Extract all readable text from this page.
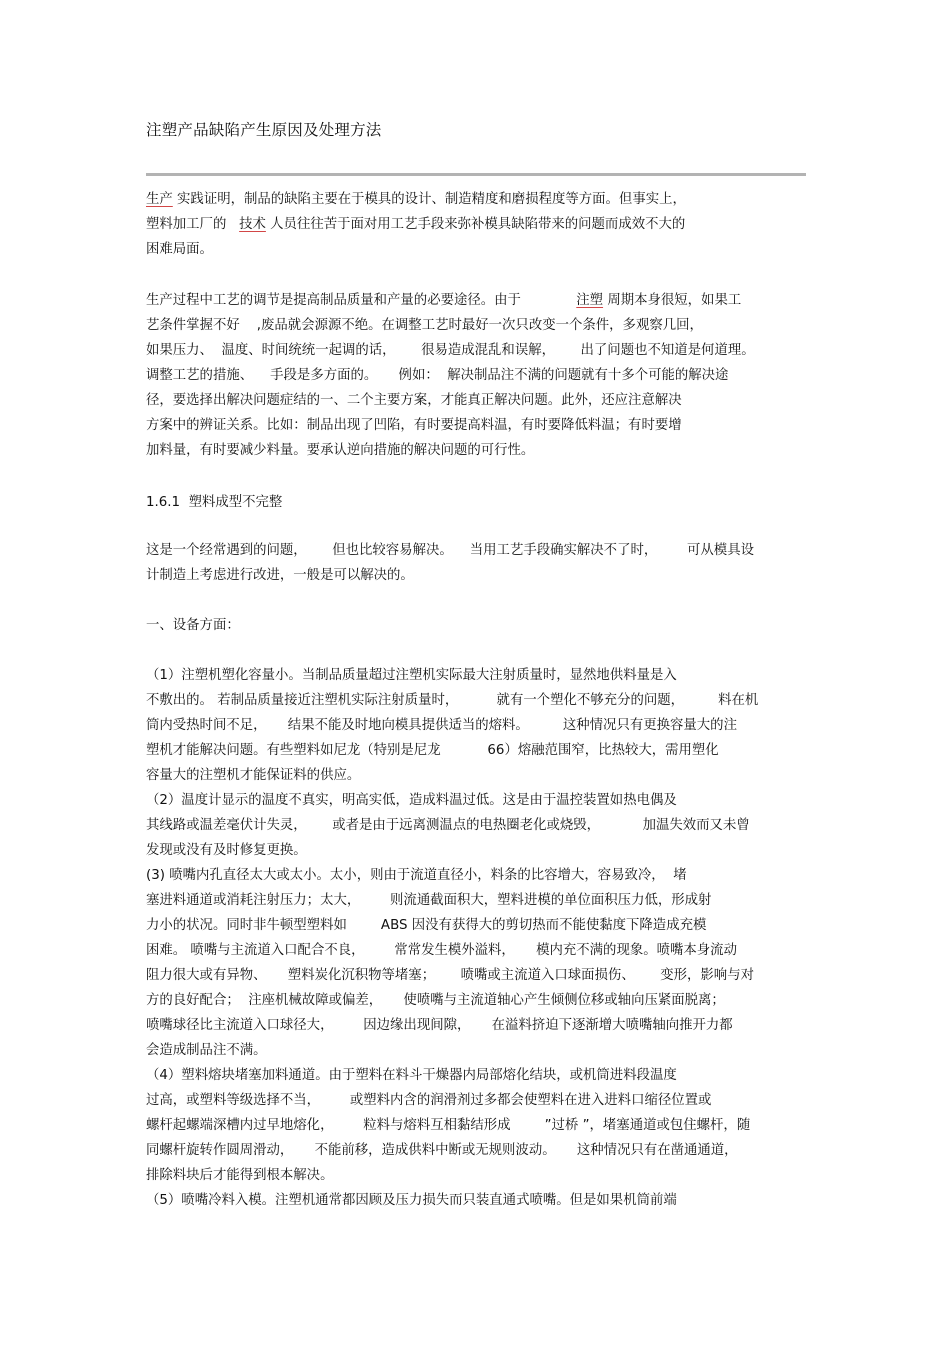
注塑产品缺陷产生原因及处理方法
生产 实践证明，制品的缺陷主要在于模具的设计、制造精度和磨损程度等方面。但事实上，
塑料加工厂的   技术 人员往往苦于面对用工艺手段来弥补模具缺陷带来的问题而成效不大的
困难局面。
生产过程中工艺的调节是提高制品质量和产量的必要途径。由于             注塑 周期本身很短，如果工
艺条件掌握不好    ,废品就会源源不绝。在调整工艺时最好一次只改变一个条件，多观察几回，
如果压力、  温度、时间统统一起调的话，      很易造成混乱和误解，      出了问题也不知道是何道理。
调整工艺的措施、    手段是多方面的。     例如：  解决制品注不满的问题就有十多个可能的解决途
径，要选择出解决问题症结的一、二个主要方案，才能真正解决问题。此外，还应注意解决
方案中的辨证关系。比如：制品出现了凹陷，有时要提高料温，有时要降低料温；有时要增
加料量，有时要减少料量。要承认逆向措施的解决问题的可行性。
1.6.1  塑料成型不完整
这是一个经常遇到的问题，      但也比较容易解决。    当用工艺手段确实解决不了时，       可从模具设
计制造上考虑进行改进，一般是可以解决的。
一、设备方面：
（1）注塑机塑化容量小。当制品质量超过注塑机实际最大注射质量时，显然地供料量是入
不敷出的。 若制品质量接近注塑机实际注射质量时，         就有一个塑化不够充分的问题，        料在机
筒内受热时间不足，     结果不能及时地向模具提供适当的熔料。        这种情况只有更换容量大的注
塑机才能解决问题。有些塑料如尼龙（特别是尼龙           66）熔融范围窄，比热较大，需用塑化
容量大的注塑机才能保证料的供应。
（2）温度计显示的温度不真实，明高实低，造成料温过低。这是由于温控装置如热电偶及
其线路或温差毫伏计失灵，      或者是由于远离测温点的电热圈老化或烧毁，          加温失效而又未曾
发现或没有及时修复更换。
(3) 喷嘴内孔直径太大或太小。太小，则由于流道直径小，料条的比容增大，容易致冷，  堵
塞进料通道或消耗注射压力；太大，       则流通截面积大，塑料进模的单位面积压力低，形成射
力小的状况。同时非牛顿型塑料如        ABS 因没有获得大的剪切热而不能使黏度下降造成充模
困难。 喷嘴与主流道入口配合不良，       常常发生模外溢料，     模内充不满的现象。喷嘴本身流动
阻力很大或有异物、     塑料炭化沉积物等堵塞；      喷嘴或主流道入口球面损伤、      变形，影响与对
方的良好配合；  注座机械故障或偏差，     使喷嘴与主流道轴心产生倾侧位移或轴向压紧面脱离；
喷嘴球径比主流道入口球径大，       因边缘出现间隙，     在溢料挤迫下逐渐增大喷嘴轴向推开力都
会造成制品注不满。
（4）塑料熔块堵塞加料通道。由于塑料在料斗干燥器内局部熔化结块，或机筒进料段温度
过高，或塑料等级选择不当，       或塑料内含的润滑剂过多都会使塑料在进入进料口缩径位置或
螺杆起螺端深槽内过早地熔化，       粒料与熔料互相黏结形成        ”过桥 ”，堵塞通道或包住螺杆，随
同螺杆旋转作圆周滑动，     不能前移，造成供料中断或无规则波动。     这种情况只有在凿通通道，
排除料块后才能得到根本解决。
（5）喷嘴冷料入模。注塑机通常都因顾及压力损失而只装直通式喷嘴。但是如果机筒前端
